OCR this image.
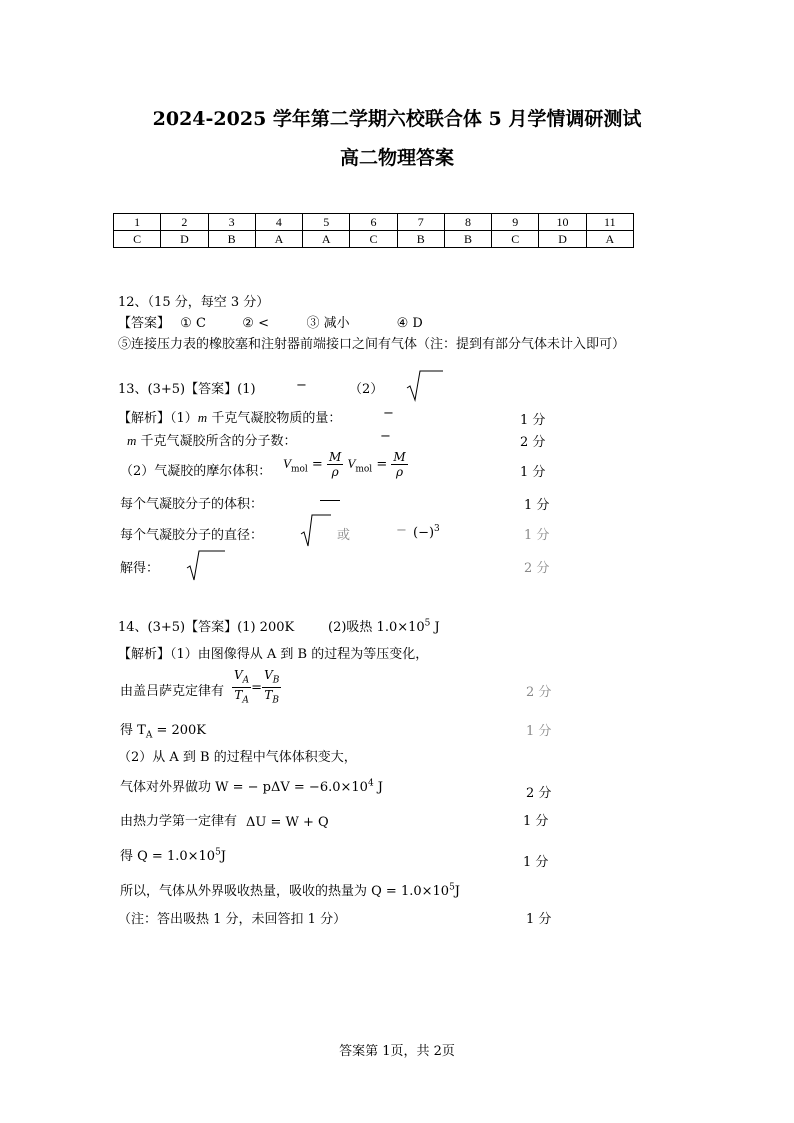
2024-2025 学年第二学期六校联合体 5 月学情调研测试
高二物理答案
1	2	3	4	5	6	7	8	9	10	11
C	D	B	A	A	C	B	B	C	D	A
12、（15 分，每空 3 分）
【答案】 ① C	② <	③ 减小	④ D
⑤连接压力表的橡胶塞和注射器前端接口之间有气体（注：提到有部分气体未计入即可）
13、(3+5)【答案】(1)	−	（2）
【解析】（1）m 千克气凝胶物质的量：	−	1 分
m 千克气凝胶所含的分子数：	−	2 分
（2）气凝胶的摩尔体积：
$V_{mol} = \frac{M}{\rho} V_{mol} = \frac{M}{\rho}$	1 分
每个气凝胶分子的体积：	1 分
每个气凝胶分子的直径：	或	− $(-)^3$	1 分
解得：	2 分
14、(3+5)【答案】(1) 200K	(2)吸热 $1.0\times 10^5$ J
【解析】（1）由图像得从 A 到 B 的过程为等压变化，
由盖吕萨克定律有 $\frac{V_A}{T_A} = \frac{V_B}{T_B}$	2 分
得 $T_A = 200K$	1 分
（2）从 A 到 B 的过程中气体体积变大，
气体对外界做功 W = − $p\Delta V = -6.0\times 10^4$ J	2 分
由热力学第一定律有 ΔU = W + Q	1 分
得 $Q = 1.0\times 10^5J$	1 分
所以，气体从外界吸收热量，吸收的热量为 $Q = 1.0\times 10^5J$
（注：答出吸热 1 分，未回答扣 1 分）	1 分
答案第 1页，共 2页
